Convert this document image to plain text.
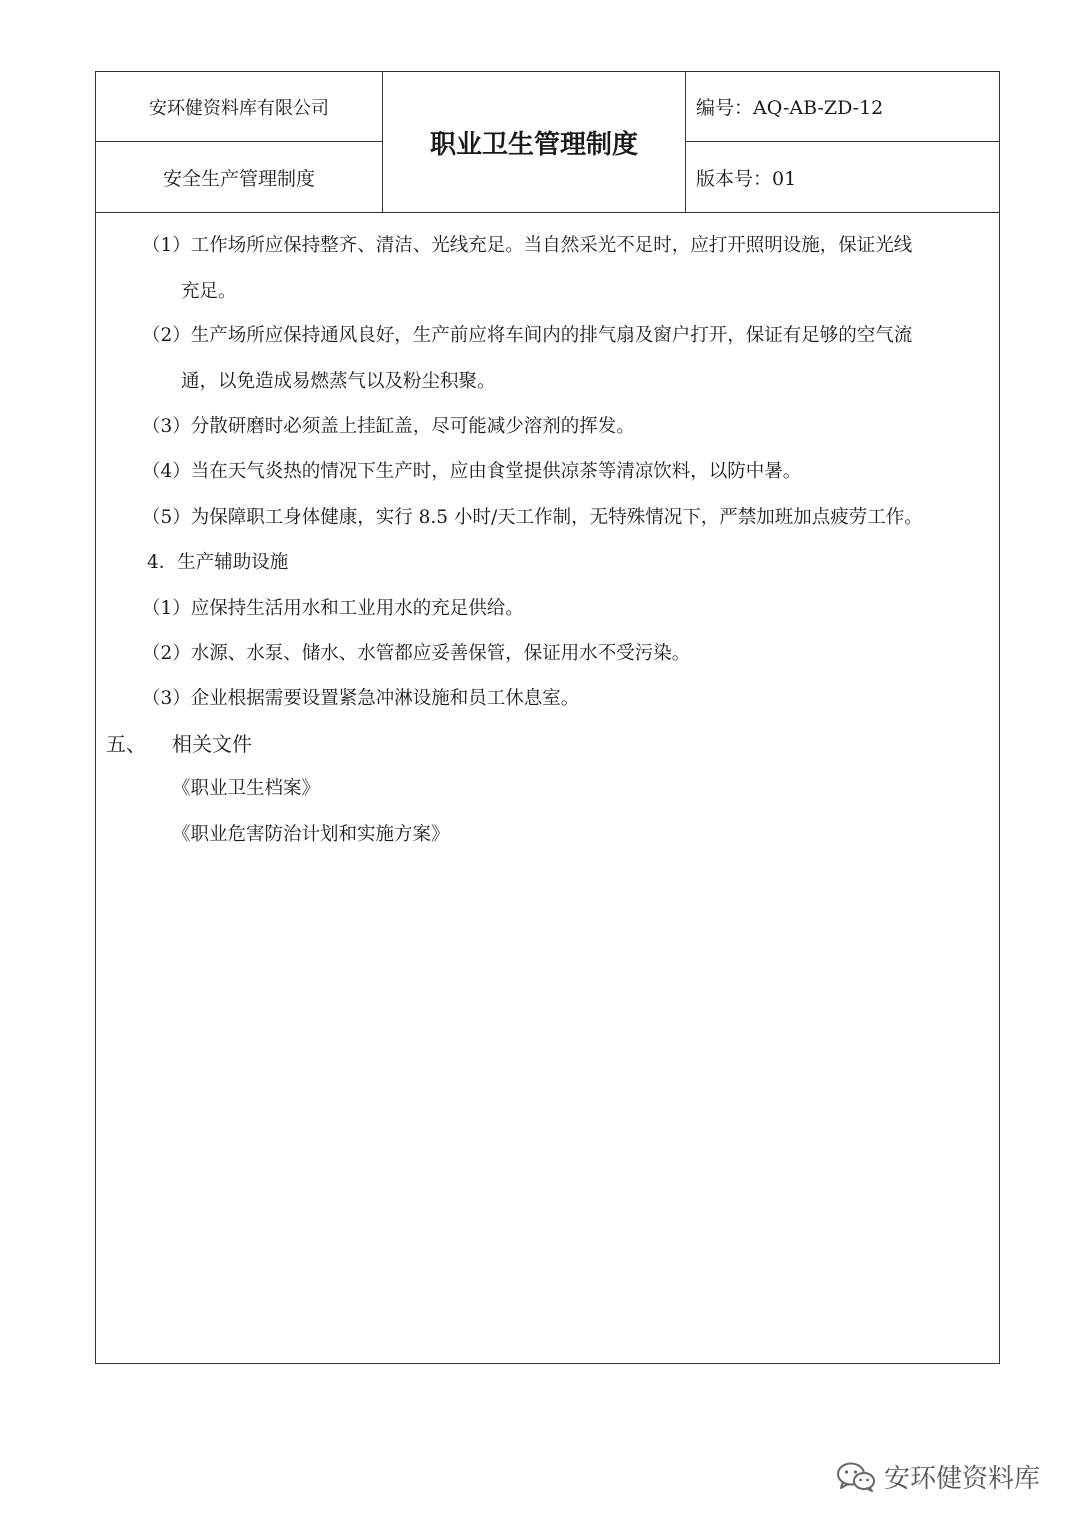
安环健资料库有限公司
安全生产管理制度
职业卫生管理制度
编号：AQ-AB-ZD-12
版本号：01
（1）工作场所应保持整齐、清洁、光线充足。当自然采光不足时，应打开照明设施，保证光线
充足。
（2）生产场所应保持通风良好，生产前应将车间内的排气扇及窗户打开，保证有足够的空气流
通，以免造成易燃蒸气以及粉尘积聚。
（3）分散研磨时必须盖上挂缸盖，尽可能减少溶剂的挥发。
（4）当在天气炎热的情况下生产时，应由食堂提供凉茶等清凉饮料，以防中暑。
（5）为保障职工身体健康，实行 8.5 小时/天工作制，无特殊情况下，严禁加班加点疲劳工作。
4．生产辅助设施
（1）应保持生活用水和工业用水的充足供给。
（2）水源、水泵、储水、水管都应妥善保管，保证用水不受污染。
（3）企业根据需要设置紧急冲淋设施和员工休息室。
五、 相关文件
《职业卫生档案》
《职业危害防治计划和实施方案》
安环健资料库
